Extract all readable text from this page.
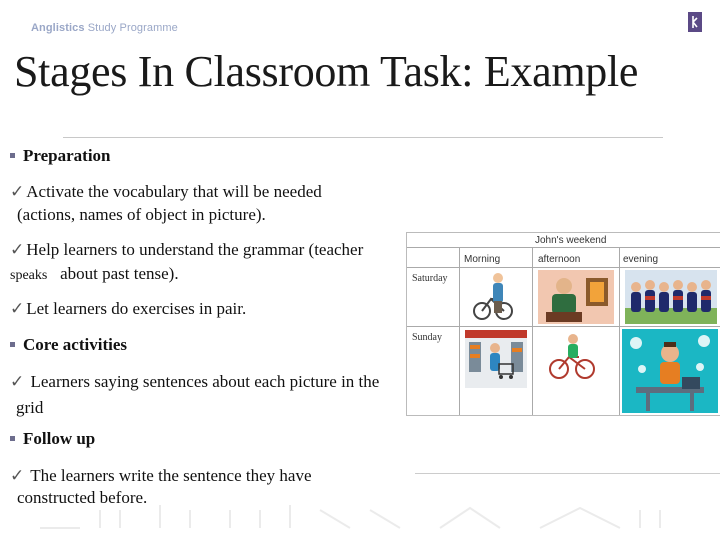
Anglistics Study Programme
Stages In Classroom Task: Example
Preparation
✓ Activate the vocabulary that will be needed
(actions, names of object in picture).
✓ Help learners to understand the grammar (teacher
speaks about past tense).
✓ Let learners do exercises in pair.
Core activities
✓ Learners saying sentences about each picture in the
grid
Follow up
✓ The learners write the sentence they have
constructed before.
John's weekend
Morning	afternoon	evening
Saturday
Sunday
